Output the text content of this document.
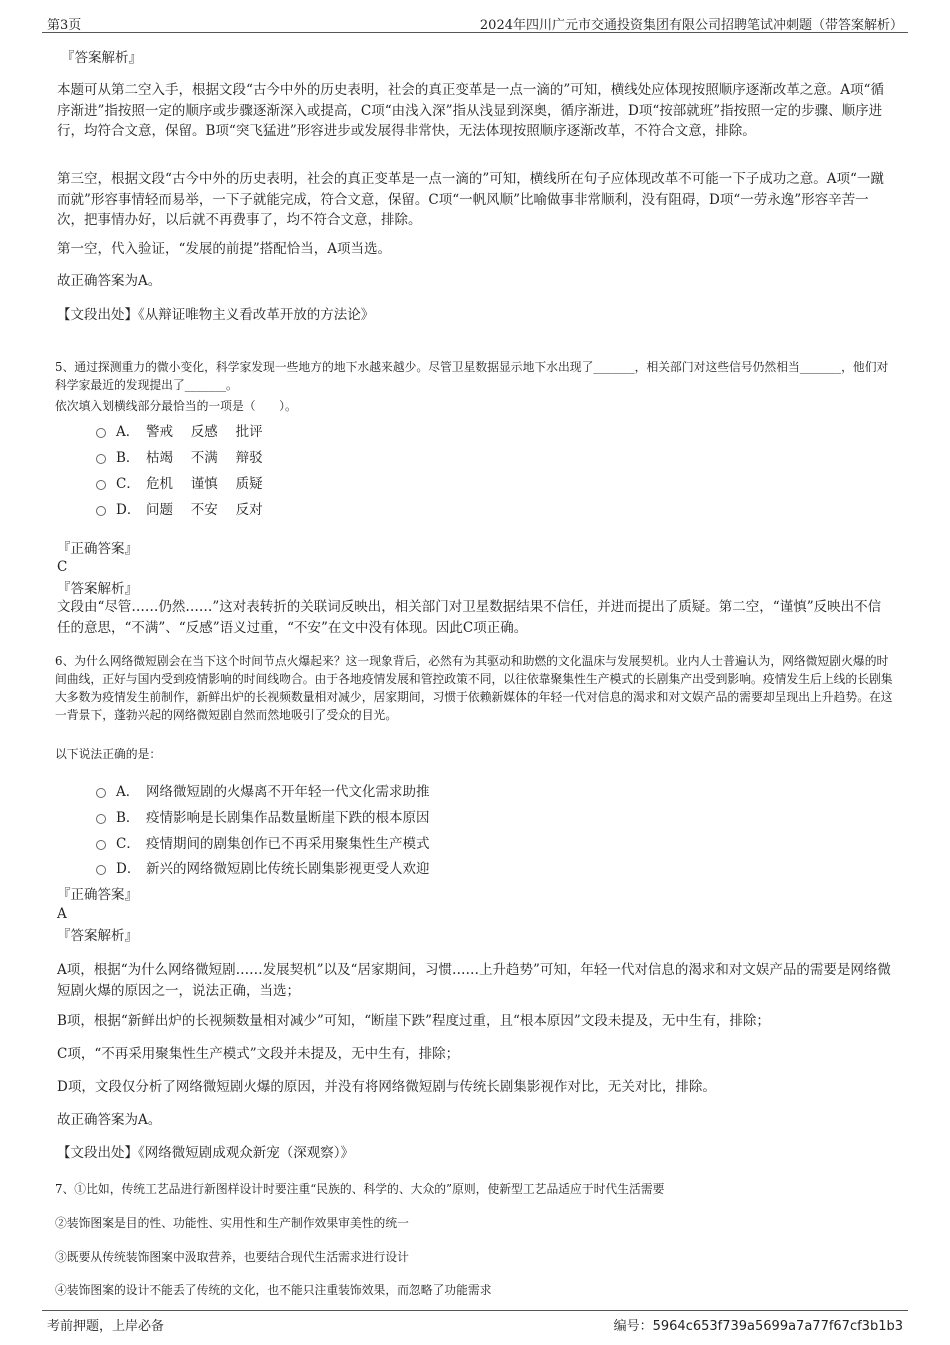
第3页	2024年四川广元市交通投资集团有限公司招聘笔试冲刺题（带答案解析）
『答案解析』

本题可从第二空入手，根据文段“古今中外的历史表明，社会的真正变革是一点一滴的”可知，横线处应体现按照顺序逐渐改革之意。A项“循序渐进”指按照一定的顺序或步骤逐渐深入或提高，C项“由浅入深”指从浅显到深奥，循序渐进，D项“按部就班”指按照一定的步骤、顺序进行，均符合文意，保留。B项“突飞猛进”形容进步或发展得非常快，无法体现按照顺序逐渐改革，不符合文意，排除。

第三空，根据文段“古今中外的历史表明，社会的真正变革是一点一滴的”可知，横线所在句子应体现改革不可能一下子成功之意。A项“一蹴而就”形容事情轻而易举，一下子就能完成，符合文意，保留。C项“一帆风顺”比喻做事非常顺利，没有阻碍，D项“一劳永逸”形容辛苦一次，把事情办好，以后就不再费事了，均不符合文意，排除。

第一空，代入验证，“发展的前提”搭配恰当，A项当选。

故正确答案为A。

【文段出处】《从辩证唯物主义看改革开放的方法论》

5、通过探测重力的微小变化，科学家发现一些地方的地下水越来越少。尽管卫星数据显示地下水出现了_______，相关部门对这些信号仍然相当_______，他们对科学家最近的发现提出了_______。

依次填入划横线部分最恰当的一项是（　　）。

A． 警戒　 反感　 批评
B． 枯竭　 不满　 辩驳
C． 危机　 谨慎　 质疑
D． 问题　 不安　 反对
『正确答案』
C
『答案解析』

文段由“尽管……仍然……”这对表转折的关联词反映出，相关部门对卫星数据结果不信任，并进而提出了质疑。第二空，“谨慎”反映出不信任的意思，“不满”、“反感”语义过重，“不安”在文中没有体现。因此C项正确。

6、为什么网络微短剧会在当下这个时间节点火爆起来？这一现象背后，必然有为其驱动和助燃的文化温床与发展契机。业内人士普遍认为，网络微短剧火爆的时间曲线，正好与国内受到疫情影响的时间线吻合。由于各地疫情发展和管控政策不同，以往依靠聚集性生产模式的长剧集产出受到影响。疫情发生后上线的长剧集大多数为疫情发生前制作，新鲜出炉的长视频数量相对减少，居家期间，习惯于依赖新媒体的年轻一代对信息的渴求和对文娱产品的需要却呈现出上升趋势。在这一背景下，蓬勃兴起的网络微短剧自然而然地吸引了受众的目光。

以下说法正确的是：

A． 网络微短剧的火爆离不开年轻一代文化需求助推
B． 疫情影响是长剧集作品数量断崖下跌的根本原因
C． 疫情期间的剧集创作已不再采用聚集性生产模式
D． 新兴的网络微短剧比传统长剧集影视更受人欢迎
『正确答案』
A
『答案解析』

A项，根据“为什么网络微短剧……发展契机”以及“居家期间，习惯……上升趋势”可知，年轻一代对信息的渴求和对文娱产品的需要是网络微短剧火爆的原因之一，说法正确，当选；

B项，根据“新鲜出炉的长视频数量相对减少”可知，“断崖下跌”程度过重，且“根本原因”文段未提及，无中生有，排除；

C项，“不再采用聚集性生产模式”文段并未提及，无中生有，排除；

D项，文段仅分析了网络微短剧火爆的原因，并没有将网络微短剧与传统长剧集影视作对比，无关对比，排除。

故正确答案为A。

【文段出处】《网络微短剧成观众新宠（深观察）》

7、①比如，传统工艺品进行新图样设计时要注重“民族的、科学的、大众的”原则，使新型工艺品适应于时代生活需要

②装饰图案是目的性、功能性、实用性和生产制作效果审美性的统一

③既要从传统装饰图案中汲取营养，也要结合现代生活需求进行设计

④装饰图案的设计不能丢了传统的文化，也不能只注重装饰效果，而忽略了功能需求

考前押题，上岸必备	编号：5964c653f739a5699a7a77f67cf3b1b3
